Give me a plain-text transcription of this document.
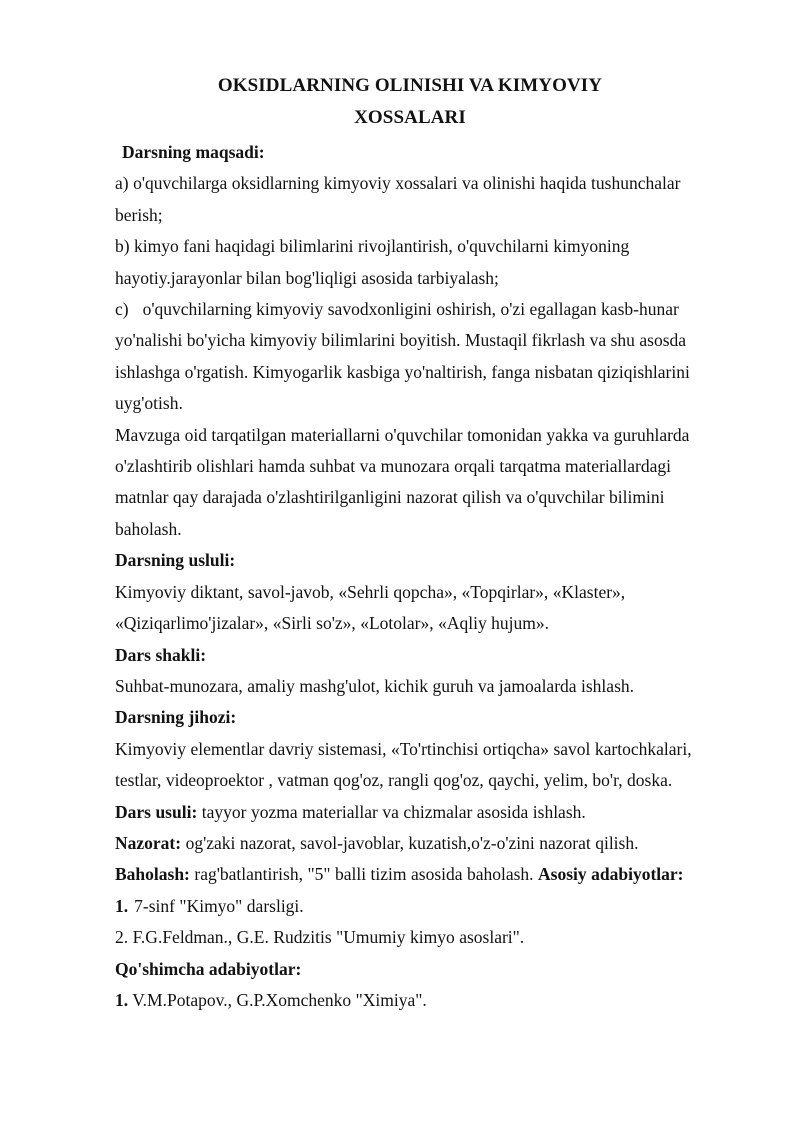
OKSIDLARNING OLINISHI VA KIMYOVIY
XOSSALARI
Darsning maqsadi:
a) o'quvchilarga oksidlarning kimyoviy xossalari va olinishi haqida tushunchalar berish;
b) kimyo fani haqidagi bilimlarini rivojlantirish, o'quvchilarni kimyoning hayotiy.jarayonlar bilan bog'liqligi asosida tarbiyalash;
c) o'quvchilarning kimyoviy savodxonligini oshirish, o'zi egallagan kasb-hunar yo'nalishi bo'yicha kimyoviy bilimlarini boyitish. Mustaqil fikrlash va shu asosda ishlashga o'rgatish. Kimyogarlik kasbiga yo'naltirish, fanga nisbatan qiziqishlarini uyg'otish.
Mavzuga oid tarqatilgan materiallarni o'quvchilar tomonidan yakka va guruhlarda o'zlashtirib olishlari hamda suhbat va munozara orqali tarqatma materiallardagi matnlar qay darajada o'zlashtirilganligini nazorat qilish va o'quvchilar bilimini baholash.
Darsning usluli:
Kimyoviy diktant, savol-javob, «Sehrli qopcha», «Topqirlar», «Klaster», «Qiziqarlimo'jizalar», «Sirli so'z», «Lotolar», «Aqliy hujum».
Dars shakli:
Suhbat-munozara, amaliy mashg'ulot, kichik guruh va jamoalarda ishlash.
Darsning jihozi:
Kimyoviy elementlar davriy sistemasi, «To'rtinchisi ortiqcha» savol kartochkalari, testlar, videoproektor , vatman qog'oz, rangli qog'oz, qaychi, yelim, bo'r, doska.
Dars usuli: tayyor yozma materiallar va chizmalar asosida ishlash.
Nazorat: og'zaki nazorat, savol-javoblar, kuzatish,o'z-o'zini nazorat qilish.
Baholash: rag'batlantirish, "5" balli tizim asosida baholash. Asosiy adabiyotlar:
1. 7-sinf "Kimyo" darsligi.
2. F.G.Feldman., G.E. Rudzitis "Umumiy kimyo asoslari".
Qo'shimcha adabiyotlar:
1. V.M.Potapov., G.P.Xomchenko "Ximiya".
